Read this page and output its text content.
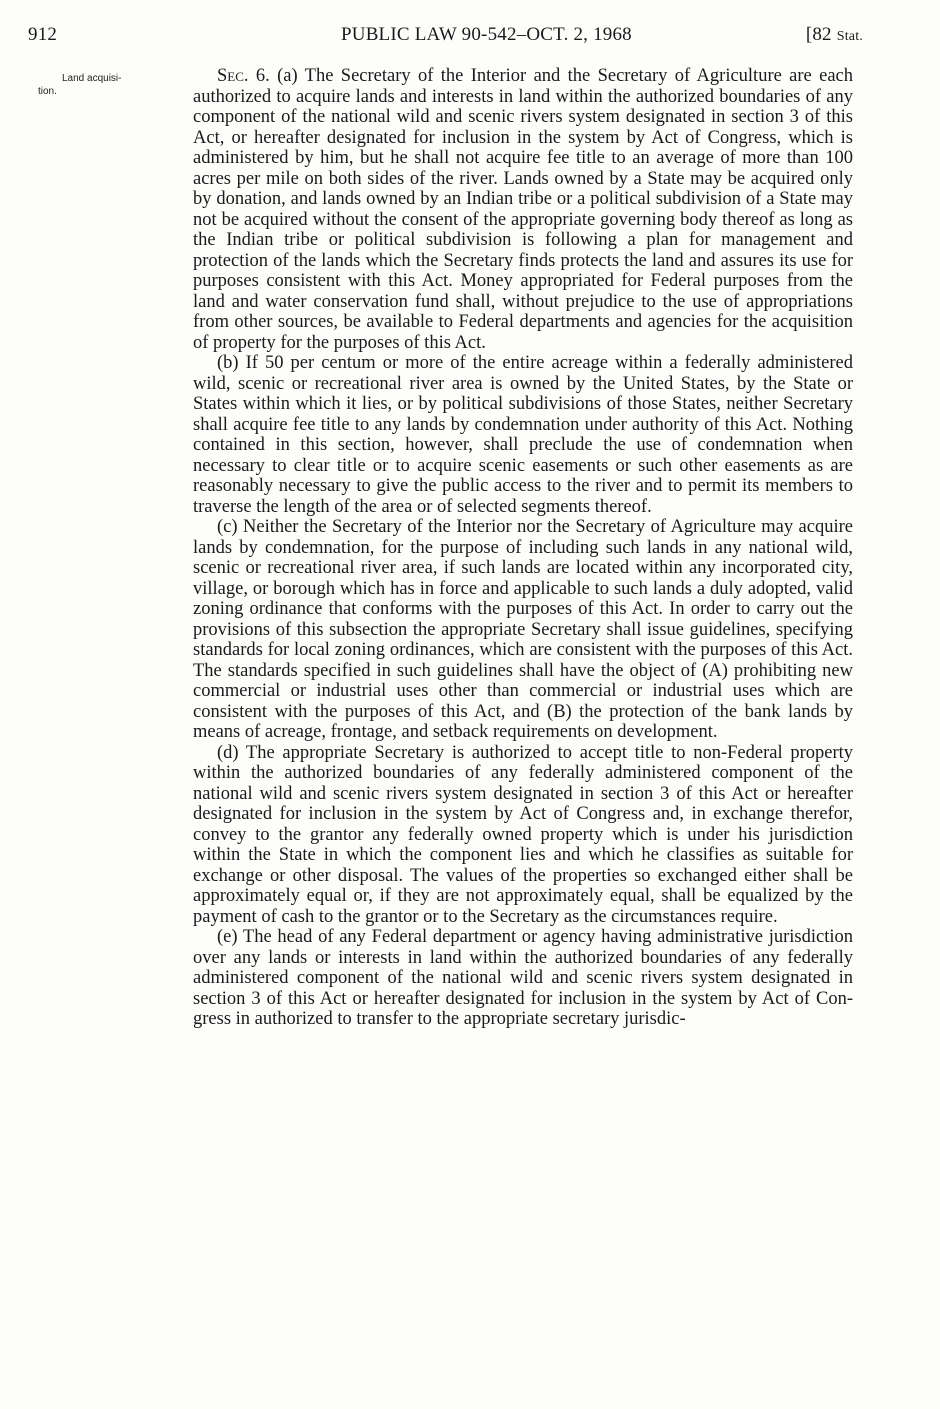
912	PUBLIC LAW 90-542–OCT. 2, 1968	[82 Stat.
Land acquisi-
tion.

Sec. 6. (a) The Secretary of the Interior and the Secretary of Agriculture are each authorized to acquire lands and interests in land within the authorized boundaries of any component of the national wild and scenic rivers system designated in section 3 of this Act, or hereafter designated for inclusion in the system by Act of Congress, which is administered by him, but he shall not acquire fee title to an average of more than 100 acres per mile on both sides of the river. Lands owned by a State may be acquired only by donation, and lands owned by an Indian tribe or a political subdivision of a State may not be acquired without the consent of the appropriate governing body thereof as long as the Indian tribe or political subdivision is following a plan for management and protection of the lands which the Secretary finds protects the land and assures its use for purposes consistent with this Act. Money appropriated for Federal purposes from the land and water conservation fund shall, without prejudice to the use of appropriations from other sources, be available to Federal departments and agencies for the acquisition of property for the purposes of this Act.

(b) If 50 per centum or more of the entire acreage within a federally administered wild, scenic or recreational river area is owned by the United States, by the State or States within which it lies, or by political subdivisions of those States, neither Secretary shall acquire fee title to any lands by condemnation under authority of this Act. Nothing contained in this section, however, shall preclude the use of condemnation when necessary to clear title or to acquire scenic easements or such other easements as are reasonably necessary to give the public access to the river and to permit its members to traverse the length of the area or of selected segments thereof.

(c) Neither the Secretary of the Interior nor the Secretary of Agriculture may acquire lands by condemnation, for the purpose of including such lands in any national wild, scenic or recreational river area, if such lands are located within any incorporated city, village, or borough which has in force and applicable to such lands a duly adopted, valid zoning ordinance that conforms with the purposes of this Act. In order to carry out the provisions of this subsection the appropriate Secretary shall issue guidelines, specifying standards for local zoning ordinances, which are consistent with the purposes of this Act. The standards specified in such guidelines shall have the object of (A) prohibiting new commercial or industrial uses other than commercial or industrial uses which are consistent with the purposes of this Act, and (B) the protection of the bank lands by means of acreage, frontage, and setback requirements on development.

(d) The appropriate Secretary is authorized to accept title to non-Federal property within the authorized boundaries of any federally administered component of the national wild and scenic rivers system designated in section 3 of this Act or hereafter designated for inclusion in the system by Act of Congress and, in exchange therefor, convey to the grantor any federally owned property which is under his jurisdiction within the State in which the component lies and which he classifies as suitable for exchange or other disposal. The values of the properties so exchanged either shall be approximately equal or, if they are not approximately equal, shall be equalized by the payment of cash to the grantor or to the Secretary as the circumstances require.

(e) The head of any Federal department or agency having administrative jurisdiction over any lands or interests in land within the authorized boundaries of any federally administered component of the national wild and scenic rivers system designated in section 3 of this Act or hereafter designated for inclusion in the system by Act of Congress in authorized to transfer to the appropriate secretary jurisdic-
